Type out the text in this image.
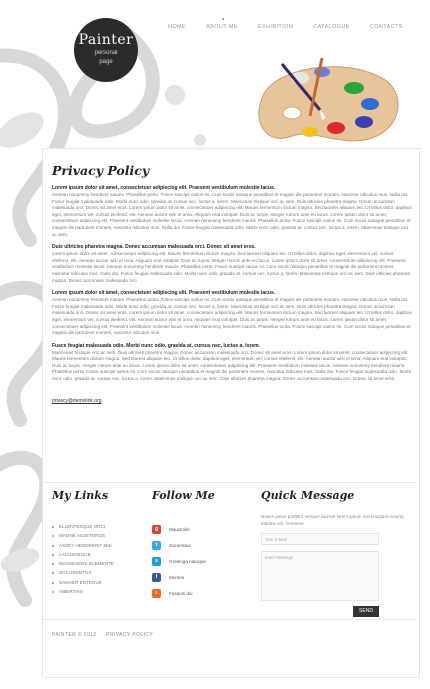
Painter
personal
page
HOME	ABOUT ME	EXHIBITION	CATALOGUE	CONTACTS
Privacy Policy

Lorem ipsum dolor sit amet, consectetuer adipiscing elit. Praesent vestibulum molestie lacus.

Aenean nonummy hendrerit mauris. Phasellus porta. Fusce suscipit varius mi. Cum sociis natoque penatibus et magnis dis parturient montes, nascetur ridiculus mus. Nulla dui. Fusce feugiat malesuada odio. Morbi nunc odio, gravida at, cursus nec, luctus a, lorem. Maecenas tristique orci ac sem. Duis ultricies pharetra magna. Donec accumsan malesuada orci. Donec sit amet eros. Lorem ipsum dolor sit amet, consectetuer adipiscing elit. Mauris fermentum dictum magna. Sed laoreet aliquam leo. Ut tellus dolor, dapibus eget, elementum vel, cursus eleifend, elit. Aenean auctor wisi et urna. Aliquam erat volutpat. Duis ac turpis. Integer rutrum ante eu lacus. Lorem ipsum dolor sit amet, consectetuer adipiscing elit. Praesent vestibulum molestie lacus. Aenean nonummy hendrerit mauris. Phasellus porta. Fusce suscipit varius mi. Cum sociis natoque penatibus et magnis dis parturient montes, nascetur ridiculus mus. Nulla dui. Fusce feugiat malesuada odio. Morbi nunc odio, gravida at, cursus nec, luctus a, lorem. Maecenas tristique orci ac sem.

Duis ultricies pharetra magna. Donec accumsan malesuada orci. Donec sit amet eros.

Lorem ipsum dolor sit amet, consectetuer adipiscing elit. Mauris fermentum dictum magna. Sed laoreet aliquam leo. Ut tellus dolor, dapibus eget, elementum vel, cursus eleifend, elit. Aenean auctor wisi et urna. Aliquam erat volutpat. Duis ac turpis. Integer rutrum ante eu lacus. Lorem ipsum dolor sit amet, consectetuer adipiscing elit. Praesent vestibulum molestie lacus. Aenean nonummy hendrerit mauris. Phasellus porta. Fusce suscipit varius mi. Cum sociis natoque penatibus et magnis dis parturient montes, nascetur ridiculus mus. Nulla dui. Fusce feugiat malesuada odio. Morbi nunc odio, gravida at, cursus nec, luctus a, lorem. Maecenas tristique orci ac sem. Duis ultricies pharetra magna. Donec accumsan malesuada orci.

Lorem ipsum dolor sit amet, consectetuer adipiscing elit. Praesent vestibulum molestie lacus.

Aenean nonummy hendrerit mauris. Phasellus porta. Fusce suscipit varius mi. Cum sociis natoque penatibus et magnis dis parturient montes, nascetur ridiculus mus. Nulla dui. Fusce feugiat malesuada odio. Morbi nunc odio, gravida at, cursus nec, luctus a, lorem. Maecenas tristique orci ac sem. Duis ultricies pharetra magna. Donec accumsan malesuada orci. Donec sit amet eros. Lorem ipsum dolor sit amet, consectetuer adipiscing elit. Mauris fermentum dictum magna. Sed laoreet aliquam leo. Ut tellus dolor, dapibus eget, elementum vel, cursus eleifend, elit. Aenean auctor wisi et urna. Aliquam erat volutpat. Duis ac turpis. Integer rutrum ante eu lacus. Lorem ipsum dolor sit amet, consectetuer adipiscing elit. Praesent vestibulum molestie lacus. Aenean nonummy hendrerit mauris. Phasellus porta. Fusce suscipit varius mi. Cum sociis natoque penatibus et magnis dis parturient montes, nascetur ridiculus mus.

Fusce feugiat malesuada odio. Morbi nunc odio, gravida at, cursus nec, luctus a, lorem.

Maecenas tristique orci ac sem. Duis ultricies pharetra magna. Donec accumsan malesuada orci. Donec sit amet eros. Lorem ipsum dolor sit amet, consectetuer adipiscing elit. Mauris fermentum dictum magna. Sed laoreet aliquam leo. Ut tellus dolor, dapibus eget, elementum vel, cursus eleifend, elit. Aenean auctor wisi et urna. Aliquam erat volutpat. Duis ac turpis. Integer rutrum ante eu lacus. Lorem ipsum dolor sit amet, consectetuer adipiscing elit. Praesent vestibulum molestie lacus. Aenean nonummy hendrerit mauris. Phasellus porta. Fusce suscipit varius mi. Cum sociis natoque penatibus et magnis dis parturient montes, nascetur ridiculus mus. Nulla dui. Fusce feugiat malesuada odio. Morbi nunc odio, gravida at, cursus nec, luctus a, lorem. Maecenas tristique orci ac sem. Duis ultricies pharetra magna. Donec accumsan malesuada orci. Donec sit amet eros.

privacy@demolink.org
My Links
ELLENTESQUE ORCI
MAGNE ASSETEROS
ASSEY HENDRERIT MIS
LACUSNEGUE
MASSESERS ELEMENTE
SOCUSEMTUS
SAMAER ENTEGUE
VIBERTIAS
Follow Me
g	Mauismile
t	Socieratus
s	Grelenga natoque
f	Montes
r	Fusquis dui
Quick Message

Nasce petus porttitor semper laoreet lorem ipsum nisl tincidunt mauris, lobortis vel, hendrerit

Your E-Mail
Enter Message
SEND
PAINTER © 2012 PRIVACY POLICY
